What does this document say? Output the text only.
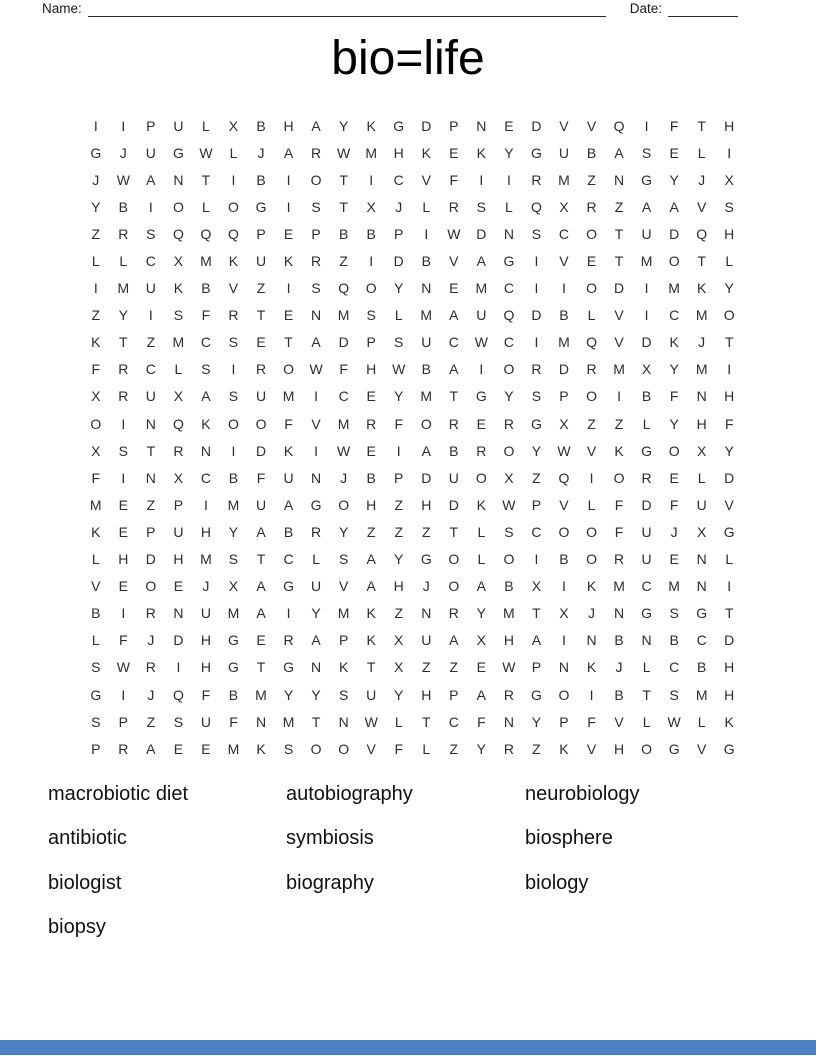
Name:	Date:
bio=life
I	I	P	U	L	X	B	H	A	Y	K	G	D	P	N	E	D	V	V	Q	I	F	T	H
G	J	U	G	W	L	J	A	R	W	M	H	K	E	K	Y	G	U	B	A	S	E	L	I
J	W	A	N	T	I	B	I	O	T	I	C	V	F	I	I	R	M	Z	N	G	Y	J	X
Y	B	I	O	L	O	G	I	S	T	X	J	L	R	S	L	Q	X	R	Z	A	A	V	S
Z	R	S	Q	Q	Q	P	E	P	B	B	P	I	W	D	N	S	C	O	T	U	D	Q	H
L	L	C	X	M	K	U	K	R	Z	I	D	B	V	A	G	I	V	E	T	M	O	T	L
I	M	U	K	B	V	Z	I	S	Q	O	Y	N	E	M	C	I	I	O	D	I	M	K	Y
Z	Y	I	S	F	R	T	E	N	M	S	L	M	A	U	Q	D	B	L	V	I	C	M	O
K	T	Z	M	C	S	E	T	A	D	P	S	U	C	W	C	I	M	Q	V	D	K	J	T
F	R	C	L	S	I	R	O	W	F	H	W	B	A	I	O	R	D	R	M	X	Y	M	I
X	R	U	X	A	S	U	M	I	C	E	Y	M	T	G	Y	S	P	O	I	B	F	N	H
O	I	N	Q	K	O	O	F	V	M	R	F	O	R	E	R	G	X	Z	Z	L	Y	H	F
X	S	T	R	N	I	D	K	I	W	E	I	A	B	R	O	Y	W	V	K	G	O	X	Y
F	I	N	X	C	B	F	U	N	J	B	P	D	U	O	X	Z	Q	I	O	R	E	L	D
M	E	Z	P	I	M	U	A	G	O	H	Z	H	D	K	W	P	V	L	F	D	F	U	V
K	E	P	U	H	Y	A	B	R	Y	Z	Z	Z	T	L	S	C	O	O	F	U	J	X	G
L	H	D	H	M	S	T	C	L	S	A	Y	G	O	L	O	I	B	O	R	U	E	N	L
V	E	O	E	J	X	A	G	U	V	A	H	J	O	A	B	X	I	K	M	C	M	N	I
B	I	R	N	U	M	A	I	Y	M	K	Z	N	R	Y	M	T	X	J	N	G	S	G	T
L	F	J	D	H	G	E	R	A	P	K	X	U	A	X	H	A	I	N	B	N	B	C	D
S	W	R	I	H	G	T	G	N	K	T	X	Z	Z	E	W	P	N	K	J	L	C	B	H
G	I	J	Q	F	B	M	Y	Y	S	U	Y	H	P	A	R	G	O	I	B	T	S	M	H
S	P	Z	S	U	F	N	M	T	N	W	L	T	C	F	N	Y	P	F	V	L	W	L	K
P	R	A	E	E	M	K	S	O	O	V	F	L	Z	Y	R	Z	K	V	H	O	G	V	G
macrobiotic diet
antibiotic
biologist
biopsy
autobiography
symbiosis
biography
neurobiology
biosphere
biology
